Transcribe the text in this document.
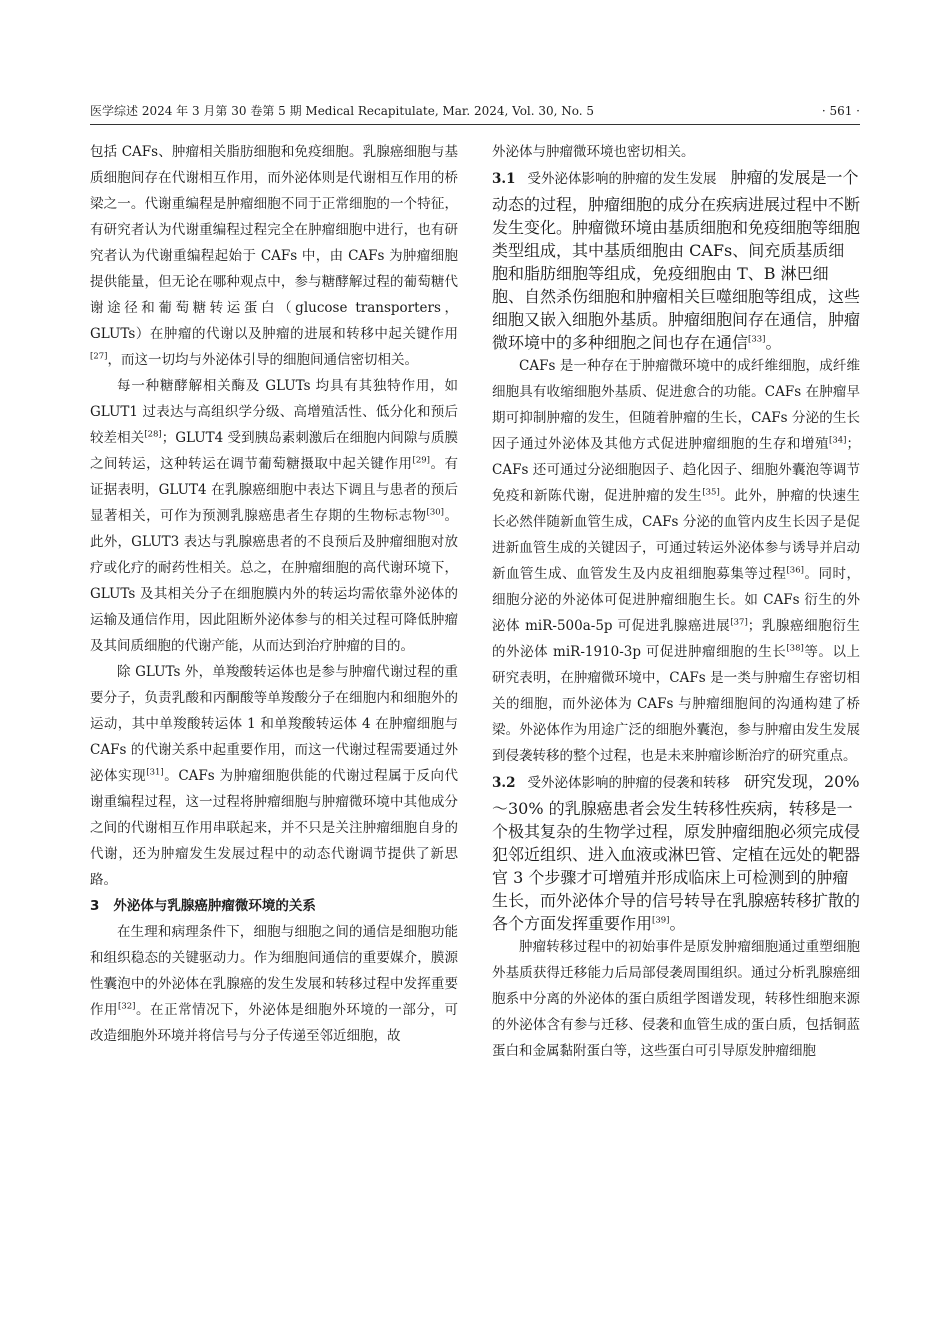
医学综述 2024 年 3 月第 30 卷第 5 期 Medical Recapitulate, Mar. 2024, Vol. 30, No. 5	· 561 ·

包括 CAFs、肿瘤相关脂肪细胞和免疫细胞。乳腺癌细胞与基质细胞间存在代谢相互作用，而外泌体则是代谢相互作用的桥梁之一。代谢重编程是肿瘤细胞不同于正常细胞的一个特征，有研究者认为代谢重编程过程完全在肿瘤细胞中进行，也有研究者认为代谢重编程起始于 CAFs 中，由 CAFs 为肿瘤细胞提供能量，但无论在哪种观点中，参与糖酵解过程的葡萄糖代谢途径和葡萄糖转运蛋白（glucose transporters，GLUTs）在肿瘤的代谢以及肿瘤的进展和转移中起关键作用[27]，而这一切均与外泌体引导的细胞间通信密切相关。

每一种糖酵解相关酶及 GLUTs 均具有其独特作用，如 GLUT1 过表达与高组织学分级、高增殖活性、低分化和预后较差相关[28]；GLUT4 受到胰岛素刺激后在细胞内间隙与质膜之间转运，这种转运在调节葡萄糖摄取中起关键作用[29]。有证据表明，GLUT4 在乳腺癌细胞中表达下调且与患者的预后显著相关，可作为预测乳腺癌患者生存期的生物标志物[30]。此外，GLUT3 表达与乳腺癌患者的不良预后及肿瘤细胞对放疗或化疗的耐药性相关。总之，在肿瘤细胞的高代谢环境下，GLUTs 及其相关分子在细胞膜内外的转运均需依靠外泌体的运输及通信作用，因此阻断外泌体参与的相关过程可降低肿瘤及其间质细胞的代谢产能，从而达到治疗肿瘤的目的。

除 GLUTs 外，单羧酸转运体也是参与肿瘤代谢过程的重要分子，负责乳酸和丙酮酸等单羧酸分子在细胞内和细胞外的运动，其中单羧酸转运体 1 和单羧酸转运体 4 在肿瘤细胞与 CAFs 的代谢关系中起重要作用，而这一代谢过程需要通过外泌体实现[31]。CAFs 为肿瘤细胞供能的代谢过程属于反向代谢重编程过程，这一过程将肿瘤细胞与肿瘤微环境中其他成分之间的代谢相互作用串联起来，并不只是关注肿瘤细胞自身的代谢，还为肿瘤发生发展过程中的动态代谢调节提供了新思路。

3 外泌体与乳腺癌肿瘤微环境的关系

在生理和病理条件下，细胞与细胞之间的通信是细胞功能和组织稳态的关键驱动力。作为细胞间通信的重要媒介，膜源性囊泡中的外泌体在乳腺癌的发生发展和转移过程中发挥重要作用[32]。在正常情况下，外泌体是细胞外环境的一部分，可改造细胞外环境并将信号与分子传递至邻近细胞，故

外泌体与肿瘤微环境也密切相关。

3.1 受外泌体影响的肿瘤的发生发展 肿瘤的发展是一个动态的过程，肿瘤细胞的成分在疾病进展过程中不断发生变化。肿瘤微环境由基质细胞和免疫细胞等细胞类型组成，其中基质细胞由 CAFs、间充质基质细胞和脂肪细胞等组成，免疫细胞由 T、B 淋巴细胞、自然杀伤细胞和肿瘤相关巨噬细胞等组成，这些细胞又嵌入细胞外基质。肿瘤细胞间存在通信，肿瘤微环境中的多种细胞之间也存在通信[33]。

CAFs 是一种存在于肿瘤微环境中的成纤维细胞，成纤维细胞具有收缩细胞外基质、促进愈合的功能。CAFs 在肿瘤早期可抑制肿瘤的发生，但随着肿瘤的生长，CAFs 分泌的生长因子通过外泌体及其他方式促进肿瘤细胞的生存和增殖[34]；CAFs 还可通过分泌细胞因子、趋化因子、细胞外囊泡等调节免疫和新陈代谢，促进肿瘤的发生[35]。此外，肿瘤的快速生长必然伴随新血管生成，CAFs 分泌的血管内皮生长因子是促进新血管生成的关键因子，可通过转运外泌体参与诱导并启动新血管生成、血管发生及内皮祖细胞募集等过程[36]。同时，细胞分泌的外泌体可促进肿瘤细胞生长。如 CAFs 衍生的外泌体 miR-500a-5p 可促进乳腺癌进展[37]；乳腺癌细胞衍生的外泌体 miR-1910-3p 可促进肿瘤细胞的生长[38]等。以上研究表明，在肿瘤微环境中，CAFs 是一类与肿瘤生存密切相关的细胞，而外泌体为 CAFs 与肿瘤细胞间的沟通构建了桥梁。外泌体作为用途广泛的细胞外囊泡，参与肿瘤由发生发展到侵袭转移的整个过程，也是未来肿瘤诊断治疗的研究重点。

3.2 受外泌体影响的肿瘤的侵袭和转移 研究发现，20%～30% 的乳腺癌患者会发生转移性疾病，转移是一个极其复杂的生物学过程，原发肿瘤细胞必须完成侵犯邻近组织、进入血液或淋巴管、定植在远处的靶器官 3 个步骤才可增殖并形成临床上可检测到的肿瘤生长，而外泌体介导的信号转导在乳腺癌转移扩散的各个方面发挥重要作用[39]。

肿瘤转移过程中的初始事件是原发肿瘤细胞通过重塑细胞外基质获得迁移能力后局部侵袭周围组织。通过分析乳腺癌细胞系中分离的外泌体的蛋白质组学图谱发现，转移性细胞来源的外泌体含有参与迁移、侵袭和血管生成的蛋白质，包括铜蓝蛋白和金属黏附蛋白等，这些蛋白可引导原发肿瘤细胞
